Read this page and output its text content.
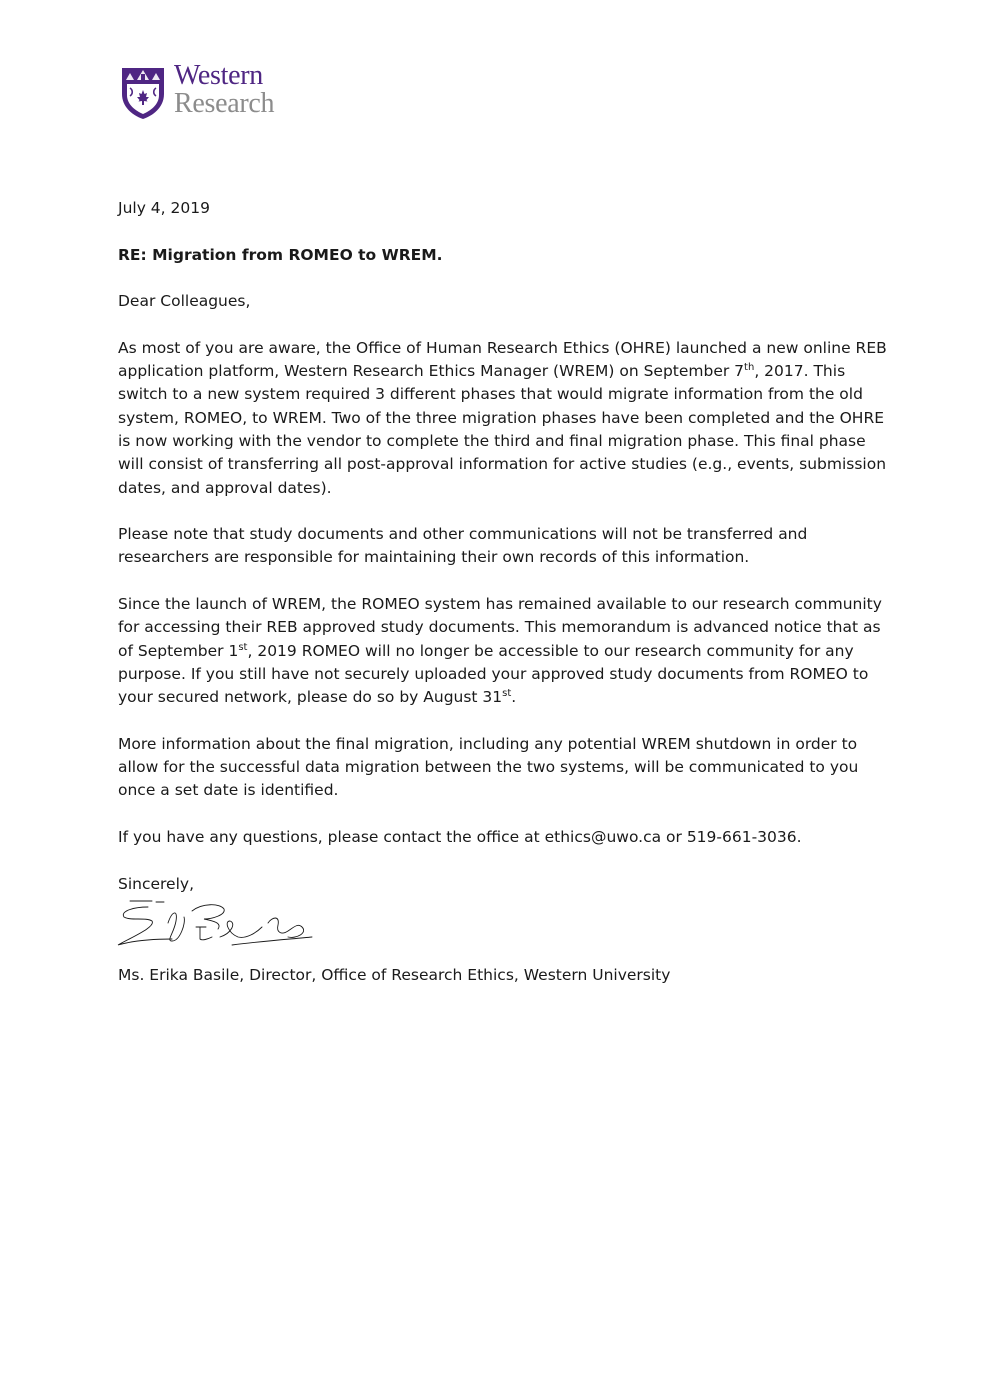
Western
Research

July 4, 2019

RE: Migration from ROMEO to WREM.

Dear Colleagues,

As most of you are aware, the Office of Human Research Ethics (OHRE) launched a new online REB application platform, Western Research Ethics Manager (WREM) on September 7th, 2017. This switch to a new system required 3 different phases that would migrate information from the old system, ROMEO, to WREM. Two of the three migration phases have been completed and the OHRE is now working with the vendor to complete the third and final migration phase. This final phase will consist of transferring all post-approval information for active studies (e.g., events, submission dates, and approval dates).

Please note that study documents and other communications will not be transferred and researchers are responsible for maintaining their own records of this information.

Since the launch of WREM, the ROMEO system has remained available to our research community for accessing their REB approved study documents. This memorandum is advanced notice that as of September 1st, 2019 ROMEO will no longer be accessible to our research community for any purpose. If you still have not securely uploaded your approved study documents from ROMEO to your secured network, please do so by August 31st.

More information about the final migration, including any potential WREM shutdown in order to allow for the successful data migration between the two systems, will be communicated to you once a set date is identified.

If you have any questions, please contact the office at ethics@uwo.ca or 519-661-3036.

Sincerely,

Ms. Erika Basile, Director, Office of Research Ethics, Western University
